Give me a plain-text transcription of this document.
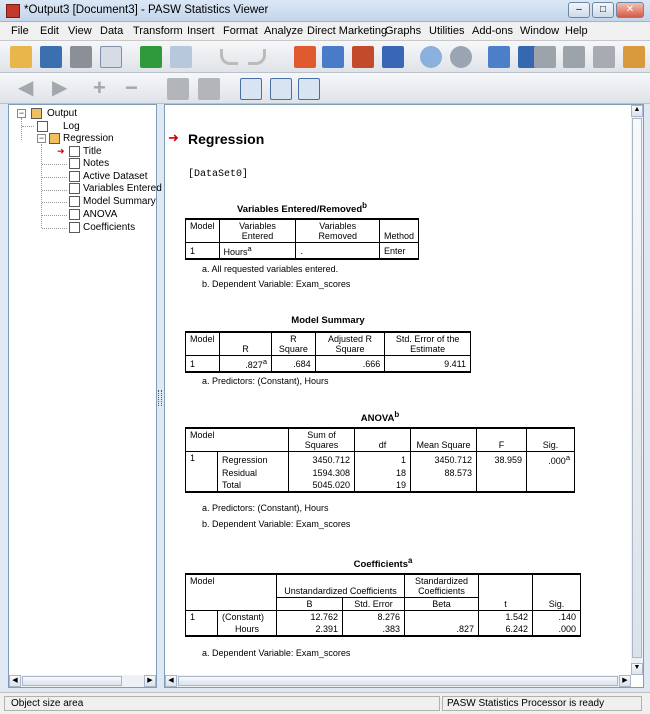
*Output3 [Document3] - PASW Statistics Viewer	–	□	✕
File Edit View Data Transform Insert Format Analyze Direct Marketing
Graphs Utilities Add-ons Window Help
◀ ▶	+ −
− Output
Log
− Regression
➜ Title
Notes
Active Dataset
Variables Entered
Model Summary
ANOVA
Coefficients
◀	▶
➜ Regression
[DataSet0]
Variables Entered/Removed$^b$
Model	Variables Entered	Variables Removed	Method
1	Hours$^a$	.	Enter
a. All requested variables entered.
b. Dependent Variable: Exam_scores
Model Summary
Model	R	R Square	Adjusted R Square	Std. Error of the Estimate
1	.827$^a$	.684	.666	9.411
a. Predictors: (Constant), Hours
ANOVA$^b$
Model		Sum of Squares	df	Mean Square	F	Sig.
1	Regression	3450.712	1	3450.712	38.959	.000$^a$
	Residual	1594.308	18	88.573		
	Total	5045.020	19			
a. Predictors: (Constant), Hours
b. Dependent Variable: Exam_scores
Coefficients$^a$
Model		Unstandardized Coefficients		Standardized Coefficients	t	Sig.
		B	Std. Error	Beta		
1	(Constant)	12.762	8.276		1.542	.140
	Hours	2.391	.383	.827	6.242	.000
a. Dependent Variable: Exam_scores
▲
▼
◀	▶
Object size area	PASW Statistics Processor is ready
